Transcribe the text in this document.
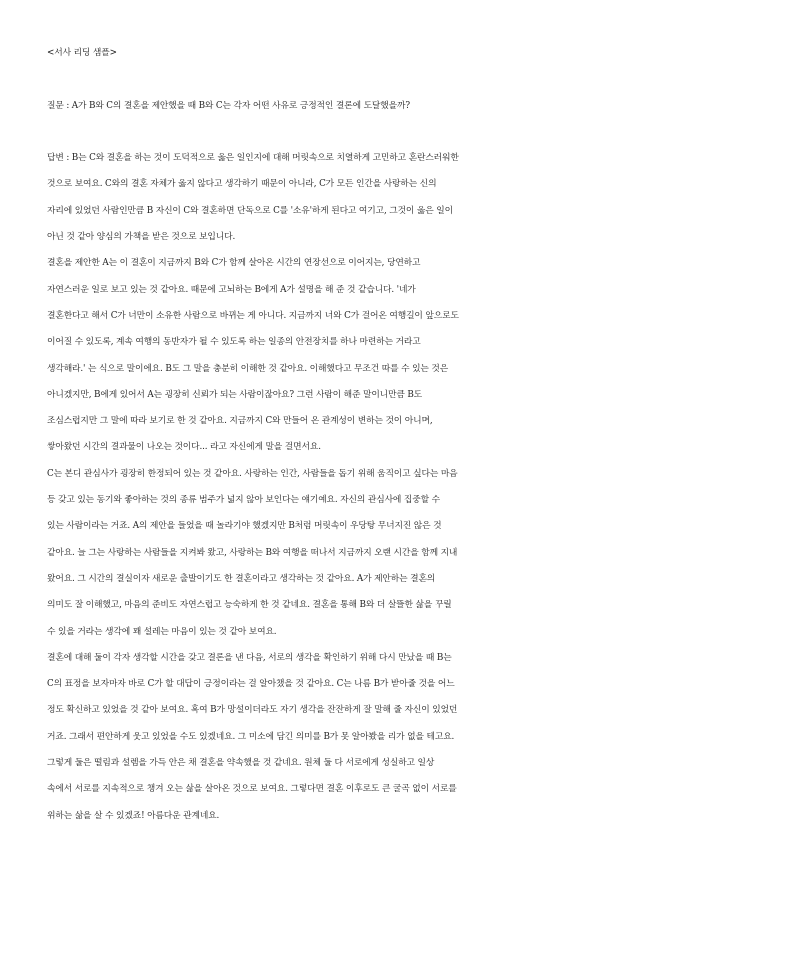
<서사 리딩 샘플>
질문 : A가 B와 C의 결혼을 제안했을 때 B와 C는 각자 어떤 사유로 긍정적인 결론에 도달했을까?
답변 : B는 C와 결혼을 하는 것이 도덕적으로 옳은 일인지에 대해 머릿속으로 치열하게 고민하고 혼란스러워한
것으로 보여요. C와의 결혼 자체가 옳지 않다고 생각하기 때문이 아니라, C가 모든 인간을 사랑하는 신의
자리에 있었던 사람인만큼 B 자신이 C와 결혼하면 단독으로 C를 '소유'하게 된다고 여기고, 그것이 옳은 일이
아닌 것 같아 양심의 가책을 받은 것으로 보입니다.
결혼을 제안한 A는 이 결혼이 지금까지 B와 C가 함께 살아온 시간의 연장선으로 이어지는, 당연하고
자연스러운 일로 보고 있는 것 같아요. 때문에 고뇌하는 B에게 A가 설명을 해 준 것 같습니다. '네가
결혼한다고 해서 C가 너만이 소유한 사람으로 바뀌는 게 아니다. 지금까지 너와 C가 걸어온 여행길이 앞으로도
이어질 수 있도록, 계속 여행의 동반자가 될 수 있도록 하는 일종의 안전장치를 하나 마련하는 거라고
생각해라.' 는 식으로 말이에요. B도 그 말을 충분히 이해한 것 같아요. 이해했다고 무조건 따를 수 있는 것은
아니겠지만, B에게 있어서 A는 굉장히 신뢰가 되는 사람이잖아요? 그런 사람이 해준 말이니만큼 B도
조심스럽지만 그 말에 따라 보기로 한 것 같아요. 지금까지 C와 만들어 온 관계성이 변하는 것이 아니며,
쌓아왔던 시간의 결과물이 나오는 것이다... 라고 자신에게 말을 걸면서요.
C는 본디 관심사가 굉장히 한정되어 있는 것 같아요. 사랑하는 인간, 사람들을 돕기 위해 움직이고 싶다는 마음
등 갖고 있는 동기와 좋아하는 것의 종류 범주가 넓지 않아 보인다는 얘기예요. 자신의 관심사에 집중할 수
있는 사람이라는 거죠. A의 제안을 들었을 때 놀라기야 했겠지만 B처럼 머릿속이 우당탕 무너지진 않은 것
같아요. 늘 그는 사랑하는 사람들을 지켜봐 왔고, 사랑하는 B와 여행을 떠나서 지금까지 오랜 시간을 함께 지내
왔어요. 그 시간의 결실이자 새로운 출발이기도 한 결혼이라고 생각하는 것 같아요. A가 제안하는 결혼의
의미도 잘 이해했고, 마음의 준비도 자연스럽고 능숙하게 한 것 같네요. 결혼을 통해 B와 더 살뜰한 삶을 꾸릴
수 있을 거라는 생각에 꽤 설레는 마음이 있는 것 같아 보여요.
결혼에 대해 둘이 각자 생각할 시간을 갖고 결론을 낸 다음, 서로의 생각을 확인하기 위해 다시 만났을 때 B는
C의 표정을 보자마자 바로 C가 할 대답이 긍정이라는 걸 알아챘을 것 같아요. C는 나름 B가 받아줄 것을 어느
정도 확신하고 있었을 것 같아 보여요. 혹여 B가 망설이더라도 자기 생각을 잔잔하게 잘 말해 줄 자신이 있었던
거죠. 그래서 편안하게 웃고 있었을 수도 있겠네요. 그 미소에 담긴 의미를 B가 못 알아봤을 리가 없을 테고요.
그렇게 둘은 떨림과 설렘을 가득 안은 채 결혼을 약속했을 것 같네요. 원체 둘 다 서로에게 성실하고 일상
속에서 서로를 지속적으로 챙겨 오는 삶을 살아온 것으로 보여요. 그렇다면 결혼 이후로도 큰 굴곡 없이 서로를
위하는 삶을 살 수 있겠죠! 아름다운 관계네요.
